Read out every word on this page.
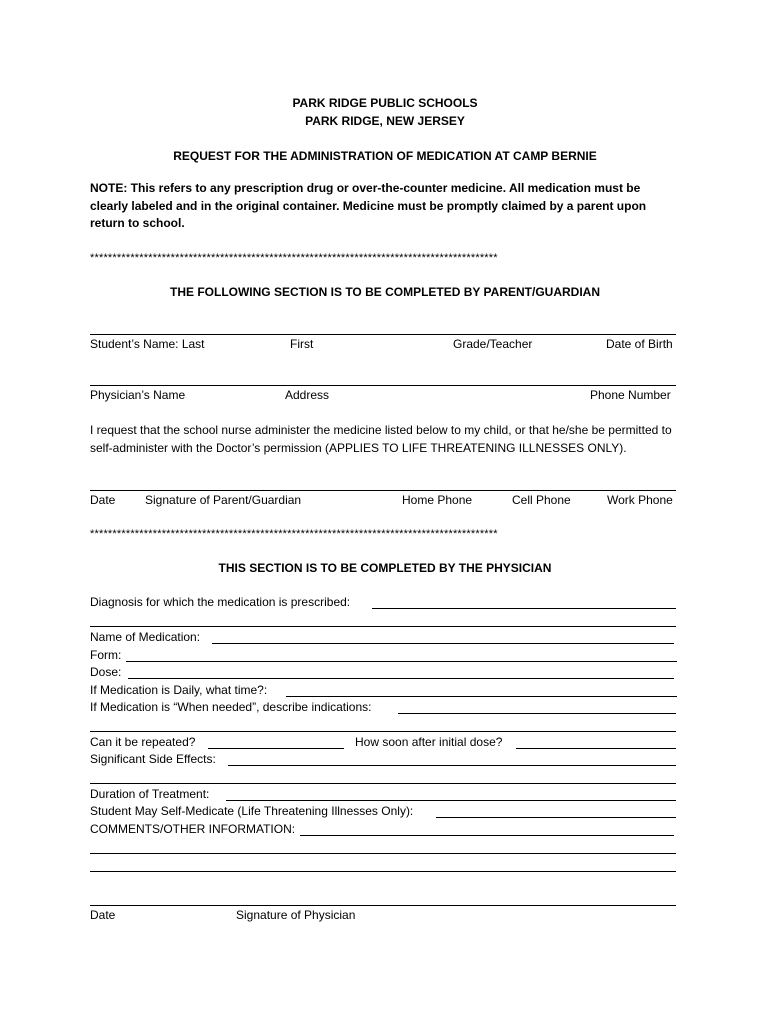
PARK RIDGE PUBLIC SCHOOLS
PARK RIDGE, NEW JERSEY
REQUEST FOR THE ADMINISTRATION OF MEDICATION AT CAMP BERNIE
NOTE: This refers to any prescription drug or over-the-counter medicine. All medication must be clearly labeled and in the original container. Medicine must be promptly claimed by a parent upon return to school.
*******************************************************************************************
THE FOLLOWING SECTION IS TO BE COMPLETED BY PARENT/GUARDIAN
Student’s Name: Last	First	Grade/Teacher	Date of Birth
Physician’s Name	Address	Phone Number
I request that the school nurse administer the medicine listed below to my child, or that he/she be permitted to self-administer with the Doctor’s permission (APPLIES TO LIFE THREATENING ILLNESSES ONLY).
Date Signature of Parent/Guardian	Home Phone	Cell Phone	Work Phone
*******************************************************************************************
THIS SECTION IS TO BE COMPLETED BY THE PHYSICIAN
Diagnosis for which the medication is prescribed:
Name of Medication:
Form:
Dose:
If Medication is Daily, what time?:
If Medication is “When needed”, describe indications:
Can it be repeated?	How soon after initial dose?
Significant Side Effects:
Duration of Treatment:
Student May Self-Medicate (Life Threatening Illnesses Only):
COMMENTS/OTHER INFORMATION:
Date	Signature of Physician
